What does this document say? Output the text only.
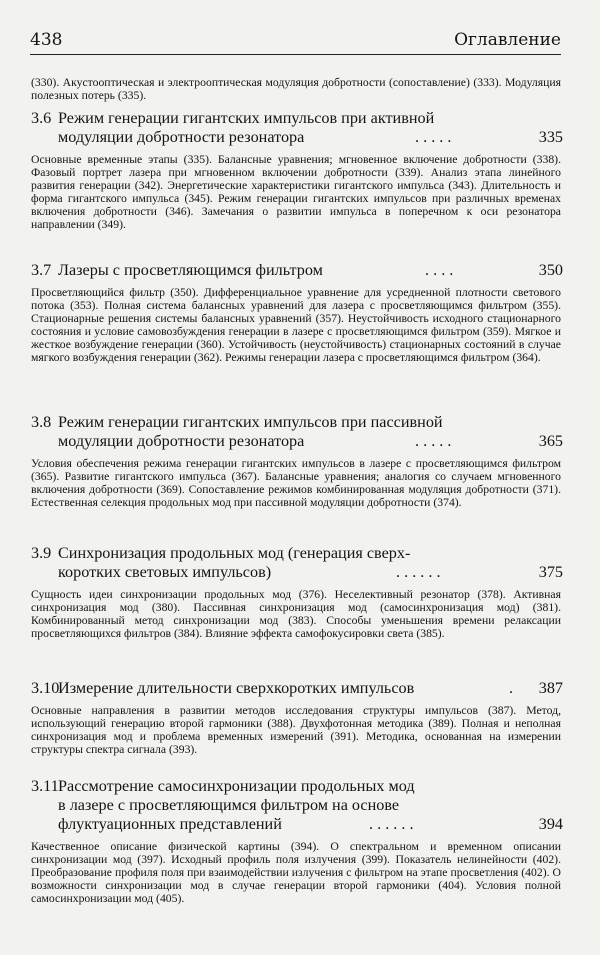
438	Оглавление
(330). Акустооптическая и электрооптическая модуляция добротности (сопоставление) (333). Модуляция полезных потерь (335).
3.6 Режим генерации гигантских импульсов при активной
модуляции добротности резонатора	. . . . .	335
Основные временные этапы (335). Балансные уравнения; мгновенное включение добротности (338). Фазовый портрет лазера при мгновенном включении добротности (339). Анализ этапа линейного развития генерации (342). Энергетические характеристики гигантского импульса (343). Длительность и форма гигантского импульса (345). Режим генерации гигантских импульсов при различных временах включения добротности (346). Замечания о развитии импульса в поперечном к оси резонатора направлении (349).
3.7 Лазеры с просветляющимся фильтром	. . . .	350
Просветляющийся фильтр (350). Дифференциальное уравнение для усредненной плотности светового потока (353). Полная система балансных уравнений для лазера с просветляющимся фильтром (355). Стационарные решения системы балансных уравнений (357). Неустойчивость исходного стационарного состояния и условие самовозбуждения генерации в лазере с просветляющимся фильтром (359). Мягкое и жесткое возбуждение генерации (360). Устойчивость (неустойчивость) стационарных состояний в случае мягкого возбуждения генерации (362). Режимы генерации лазера с просветляющимся фильтром (364).
3.8 Режим генерации гигантских импульсов при пассивной
модуляции добротности резонатора	. . . . .	365
Условия обеспечения режима генерации гигантских импульсов в лазере с просветляющимся фильтром (365). Развитие гигантского импульса (367). Балансные уравнения; аналогия со случаем мгновенного включения добротности (369). Сопоставление режимов комбинированная модуляция добротности (371). Естественная селекция продольных мод при пассивной модуляции добротности (374).
3.9 Синхронизация продольных мод (генерация сверх-
коротких световых импульсов)	. . . . . .	375
Сущность идеи синхронизации продольных мод (376). Неселективный резонатор (378). Активная синхронизация мод (380). Пассивная синхронизация мод (самосинхронизация мод) (381). Комбинированный метод синхронизации мод (383). Способы уменьшения времени релаксации просветляющихся фильтров (384). Влияние эффекта самофокусировки света (385).
3.10Измерение длительности сверхкоротких импульсов	. 387
Основные направления в развитии методов исследования структуры импульсов (387). Метод, использующий генерацию второй гармоники (388). Двухфотонная методика (389). Полная и неполная синхронизация мод и проблема временных измерений (391). Методика, основанная на измерении структуры спектра сигнала (393).
3.11Рассмотрение самосинхронизации продольных мод
в лазере с просветляющимся фильтром на основе
флуктуационных представлений	. . . . . .	394
Качественное описание физической картины (394). О спектральном и временном описании синхронизации мод (397). Исходный профиль поля излучения (399). Показатель нелинейности (402). Преобразование профиля поля при взаимодействии излучения с фильтром на этапе просветления (402). О возможности синхронизации мод в случае генерации второй гармоники (404). Условия полной самосинхронизации мод (405).
